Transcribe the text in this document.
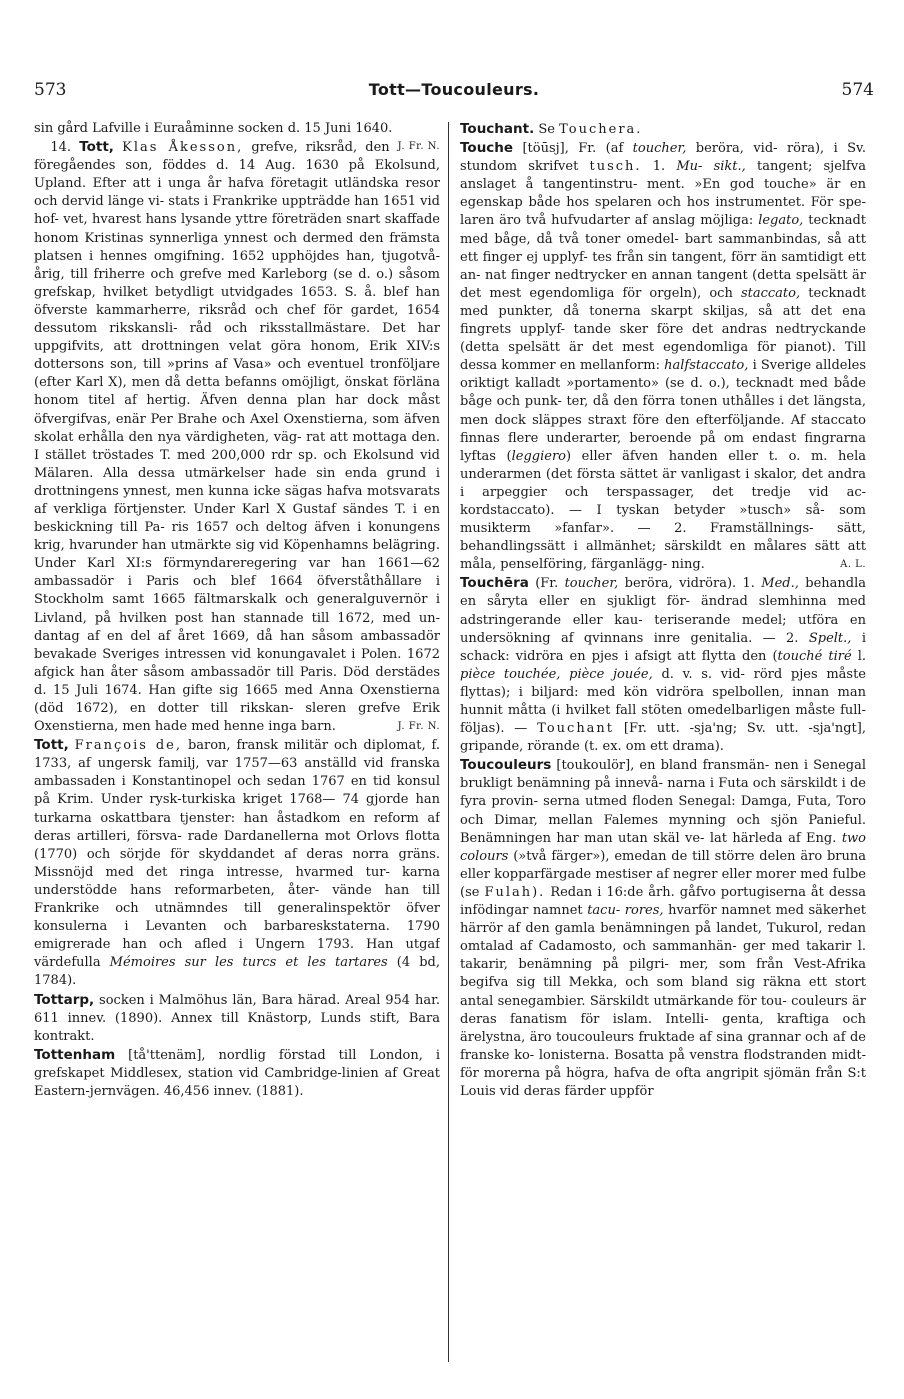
573	Tott—Toucouleurs.	574

sin gård Lafville i Euraåminne socken d. 15 Juni 1640.
J. Fr. N.

14. Tott, Klas Åkesson, grefve, riksråd, den föregåendes son, föddes d. 14 Aug. 1630 på Ekolsund, Upland. Efter att i unga år hafva företagit utländska resor och dervid länge vi- stats i Frankrike uppträdde han 1651 vid hof- vet, hvarest hans lysande yttre företräden snart skaffade honom Kristinas synnerliga ynnest och dermed den främsta platsen i hennes omgifning. 1652 upphöjdes han, tjugotvå-årig, till friherre och grefve med Karleborg (se d. o.) såsom grefskap, hvilket betydligt utvidgades 1653. S. å. blef han öfverste kammarherre, riksråd och chef för gardet, 1654 dessutom rikskansli- råd och riksstallmästare. Det har uppgifvits, att drottningen velat göra honom, Erik XIV:s dottersons son, till »prins af Vasa» och eventuel tronföljare (efter Karl X), men då detta befanns omöjligt, önskat förläna honom titel af hertig. Äfven denna plan har dock måst öfvergifvas, enär Per Brahe och Axel Oxenstierna, som äfven skolat erhålla den nya värdigheten, väg- rat att mottaga den. I stället tröstades T. med 200,000 rdr sp. och Ekolsund vid Mälaren. Alla dessa utmärkelser hade sin enda grund i drottningens ynnest, men kunna icke sägas hafva motsvarats af verkliga förtjenster. Under Karl X Gustaf sändes T. i en beskickning till Pa- ris 1657 och deltog äfven i konungens krig, hvarunder han utmärkte sig vid Köpenhamns belägring. Under Karl XI:s förmyndareregering var han 1661—62 ambassadör i Paris och blef 1664 öfverståthållare i Stockholm samt 1665 fältmarskalk och generalguvernör i Livland, på hvilken post han stannade till 1672, med un- dantag af en del af året 1669, då han såsom ambassadör bevakade Sveriges intressen vid konungavalet i Polen. 1672 afgick han åter såsom ambassadör till Paris. Död derstädes d. 15 Juli 1674. Han gifte sig 1665 med Anna Oxenstierna (död 1672), en dotter till rikskan- sleren grefve Erik Oxenstierna, men hade med henne inga barn.	J. Fr. N.

Tott, François de, baron, fransk militär och diplomat, f. 1733, af ungersk familj, var 1757—63 anställd vid franska ambassaden i Konstantinopel och sedan 1767 en tid konsul på Krim. Under rysk-turkiska kriget 1768— 74 gjorde han turkarna oskattbara tjenster: han åstadkom en reform af deras artilleri, försva- rade Dardanellerna mot Orlovs flotta (1770) och sörjde för skyddandet af deras norra gräns. Missnöjd med det ringa intresse, hvarmed tur- karna understödde hans reformarbeten, åter- vände han till Frankrike och utnämndes till generalinspektör öfver konsulerna i Levanten och barbareskstaterna. 1790 emigrerade han och afled i Ungern 1793. Han utgaf värdefulla Mémoires sur les turcs et les tartares (4 bd, 1784).

Tottarp, socken i Malmöhus län, Bara härad. Areal 954 har. 611 innev. (1890). Annex till Knästorp, Lunds stift, Bara kontrakt.

Tottenham [tå'ttenäm], nordlig förstad till London, i grefskapet Middlesex, station vid Cambridge-linien af Great Eastern-jernvägen. 46,456 innev. (1881).

Touchant. Se Touchera.

Touche [töūsj], Fr. (af toucher, beröra, vid- röra), i Sv. stundom skrifvet tusch. 1. Mu- sikt., tangent; sjelfva anslaget å tangentinstru- ment. »En god touche» är en egenskap både hos spelaren och hos instrumentet. För spe- laren äro två hufvudarter af anslag möjliga: legato, tecknadt med båge, då två toner omedel- bart sammanbindas, så att ett finger ej upplyf- tes från sin tangent, förr än samtidigt ett an- nat finger nedtrycker en annan tangent (detta spelsätt är det mest egendomliga för orgeln), och staccato, tecknadt med punkter, då tonerna skarpt skiljas, så att det ena fingrets upplyf- tande sker före det andras nedtryckande (detta spelsätt är det mest egendomliga för pianot). Till dessa kommer en mellanform: halfstaccato, i Sverige alldeles oriktigt kalladt »portamento» (se d. o.), tecknadt med både båge och punk- ter, då den förra tonen uthålles i det längsta, men dock släppes straxt före den efterföljande. Af staccato finnas flere underarter, beroende på om endast fingrarna lyftas (leggiero) eller äfven handen eller t. o. m. hela underarmen (det första sättet är vanligast i skalor, det andra i arpeggier och terspassager, det tredje vid ac- kordstaccato). — I tyskan betyder »tusch» så- som musikterm »fanfar». — 2. Framställnings- sätt, behandlingssätt i allmänhet; särskildt en målares sätt att måla, penselföring, färganlägg- ning.	A. L.

Touchēra (Fr. toucher, beröra, vidröra). 1. Med., behandla en såryta eller en sjukligt för- ändrad slemhinna med adstringerande eller kau- teriserande medel; utföra en undersökning af qvinnans inre genitalia. — 2. Spelt., i schack: vidröra en pjes i afsigt att flytta den (touché tiré l. pièce touchée, pièce jouée, d. v. s. vid- rörd pjes måste flyttas); i biljard: med kön vidröra spelbollen, innan man hunnit måtta (i hvilket fall stöten omedelbarligen måste full- följas). — Touchant [Fr. utt. -sja'ng; Sv. utt. -sja'ngt], gripande, rörande (t. ex. om ett drama).

Toucouleurs [toukoulör], en bland fransmän- nen i Senegal brukligt benämning på innevå- narna i Futa och särskildt i de fyra provin- serna utmed floden Senegal: Damga, Futa, Toro och Dimar, mellan Falemes mynning och sjön Panieful. Benämningen har man utan skäl ve- lat härleda af Eng. two colours (»två färger»), emedan de till större delen äro bruna eller kopparfärgade mestiser af negrer eller morer med fulbe (se Fulah). Redan i 16:de årh. gåfvo portugiserna åt dessa infödingar namnet tacu- rores, hvarför namnet med säkerhet härrör af den gamla benämningen på landet, Tukurol, redan omtalad af Cadamosto, och sammanhän- ger med takarir l. takarir, benämning på pilgri- mer, som från Vest-Afrika begifva sig till Mekka, och som bland sig räkna ett stort antal senegambier. Särskildt utmärkande för tou- couleurs är deras fanatism för islam. Intelli- genta, kraftiga och ärelystna, äro toucouleurs fruktade af sina grannar och af de franske ko- lonisterna. Bosatta på venstra flodstranden midt- för morerna på högra, hafva de ofta angripit sjömän från S:t Louis vid deras färder uppför
